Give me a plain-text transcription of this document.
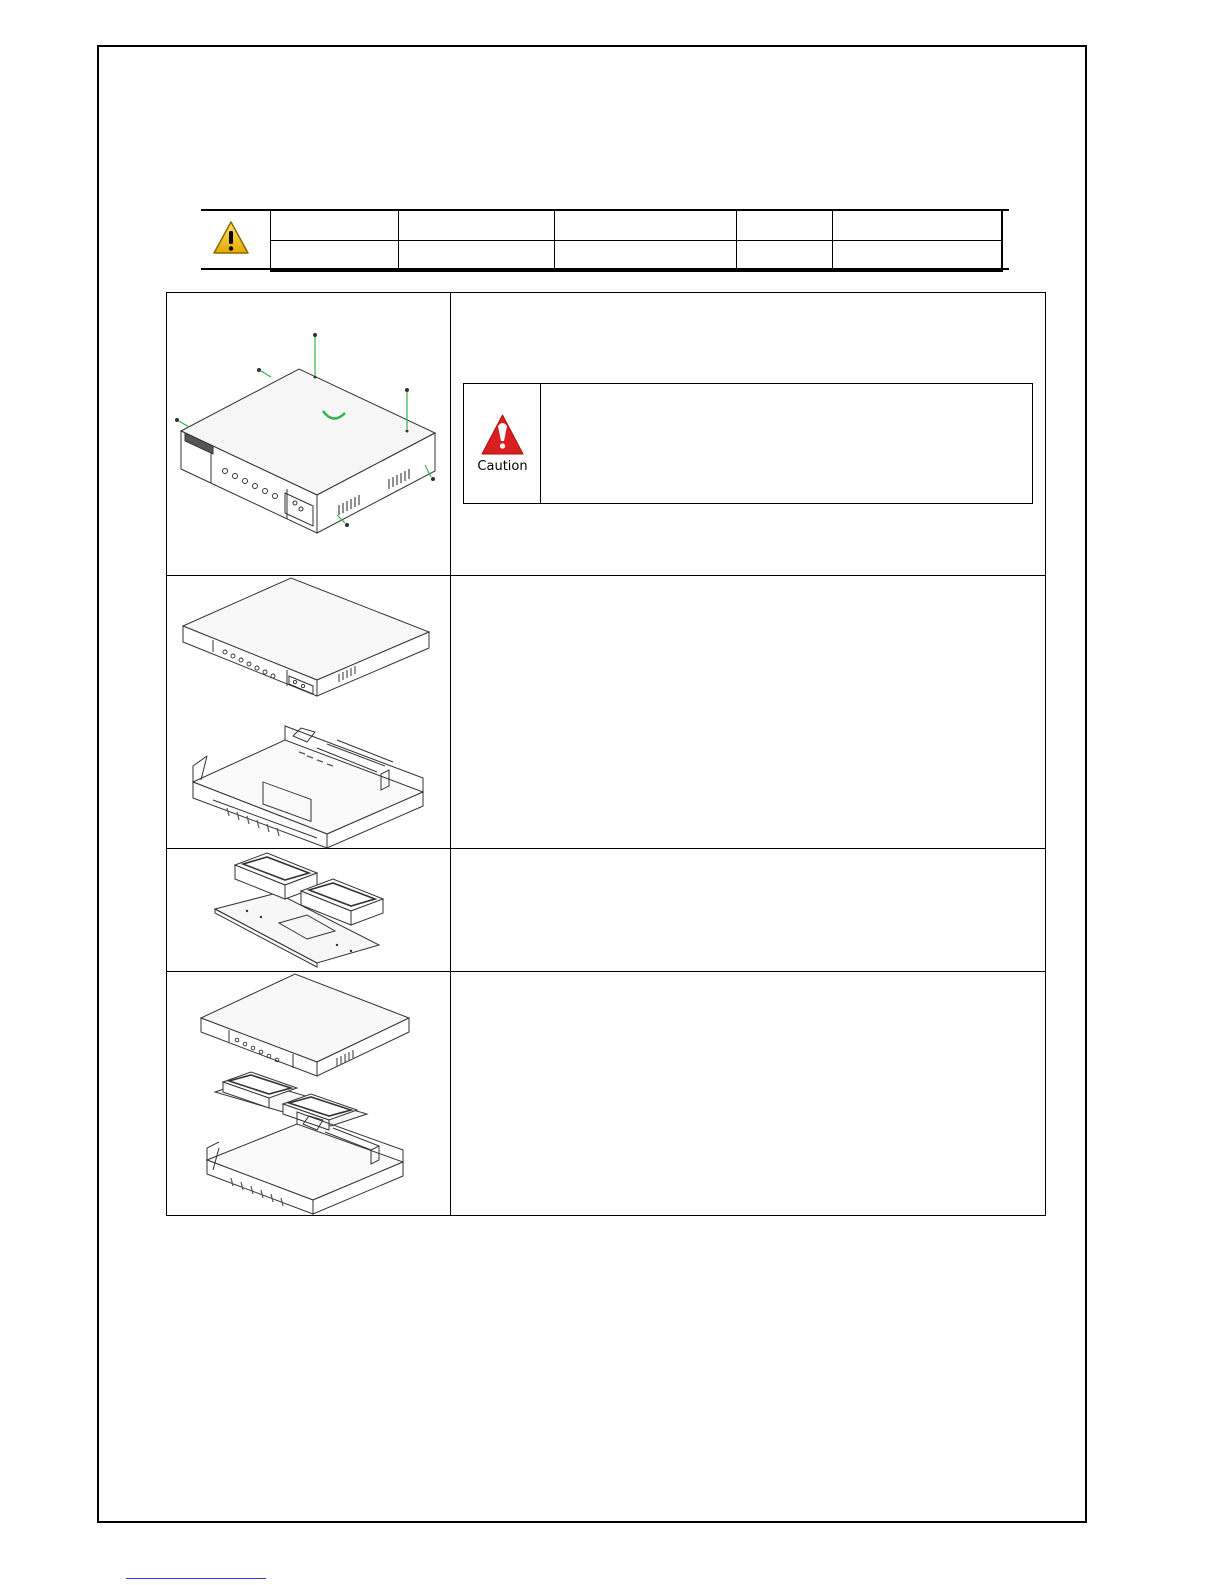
Caution
